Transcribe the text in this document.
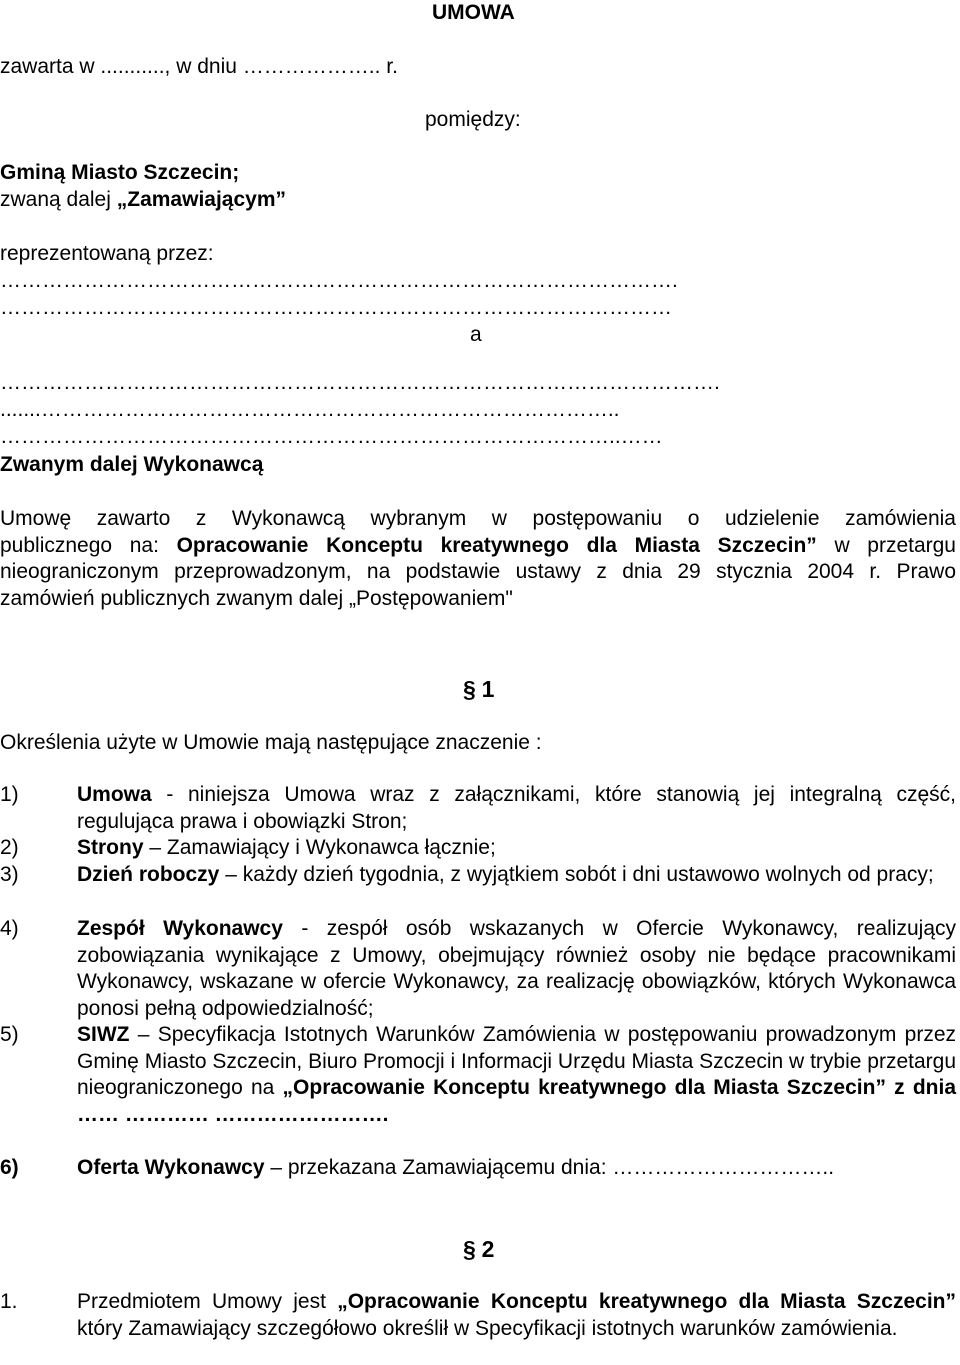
UMOWA
zawarta w ..........., w dniu ……………….. r.
pomiędzy:
Gminą Miasto Szczecin;
zwaną dalej „Zamawiającym”
reprezentowaną przez:
…………………………………………………………………………………….
……………………………………………………………………………………
a
………………………………………………………………………………………….
.......………………………………………………………………………..
……………………………………………………………………………..……
Zwanym dalej Wykonawcą
Umowę zawarto z Wykonawcą wybranym w postępowaniu o udzielenie zamówienia
publicznego na: Opracowanie Konceptu kreatywnego dla Miasta Szczecin” w przetargu
nieograniczonym przeprowadzonym, na podstawie ustawy z dnia 29 stycznia 2004 r. Prawo
zamówień publicznych zwanym dalej „Postępowaniem"
§ 1
Określenia użyte w Umowie mają następujące znaczenie :
1)	Umowa - niniejsza Umowa wraz z załącznikami, które stanowią jej integralną część, regulująca prawa i obowiązki Stron;
2)	Strony – Zamawiający i Wykonawca łącznie;
3)	Dzień roboczy – każdy dzień tygodnia, z wyjątkiem sobót i dni ustawowo wolnych od pracy;
4)	Zespół Wykonawcy - zespół osób wskazanych w Ofercie Wykonawcy, realizujący zobowiązania wynikające z Umowy, obejmujący również osoby nie będące pracownikami Wykonawcy, wskazane w ofercie Wykonawcy, za realizację obowiązków, których Wykonawca ponosi pełną odpowiedzialność;
5)	SIWZ – Specyfikacja Istotnych Warunków Zamówienia w postępowaniu prowadzonym przez Gminę Miasto Szczecin, Biuro Promocji i Informacji Urzędu Miasta Szczecin w trybie przetargu nieograniczonego na „Opracowanie Konceptu kreatywnego dla Miasta Szczecin” z dnia …… ………… …………………….
6)	Oferta Wykonawcy – przekazana Zamawiającemu dnia: …………………………..
§ 2
1.	Przedmiotem Umowy jest „Opracowanie Konceptu kreatywnego dla Miasta Szczecin” który Zamawiający szczegółowo określił w Specyfikacji istotnych warunków zamówienia.
